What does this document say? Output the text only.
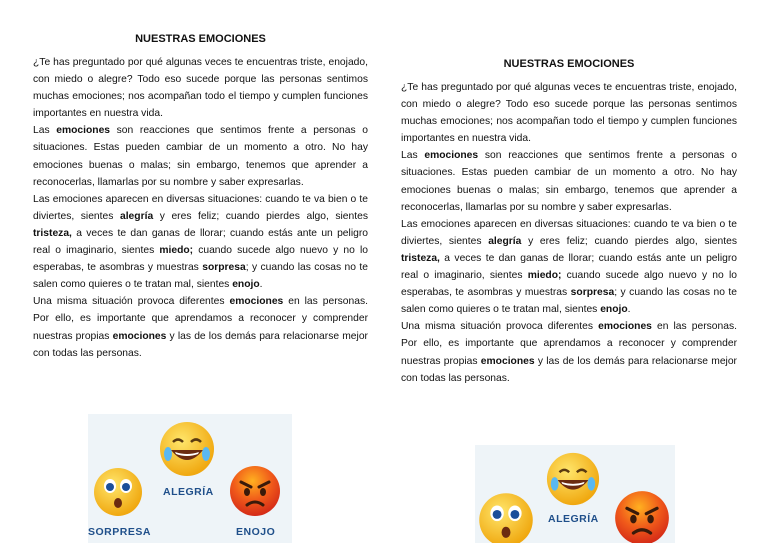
NUESTRAS EMOCIONES

¿Te has preguntado por qué algunas veces te encuentras triste, enojado, con miedo o alegre? Todo eso sucede porque las personas sentimos muchas emociones; nos acompañan todo el tiempo y cumplen funciones importantes en nuestra vida.

Las emociones son reacciones que sentimos frente a personas o situaciones. Estas pueden cambiar de un momento a otro. No hay emociones buenas o malas; sin embargo, tenemos que aprender a reconocerlas, llamarlas por su nombre y saber expresarlas.

Las emociones aparecen en diversas situaciones: cuando te va bien o te diviertes, sientes alegría y eres feliz; cuando pierdes algo, sientes tristeza, a veces te dan ganas de llorar; cuando estás ante un peligro real o imaginario, sientes miedo; cuando sucede algo nuevo y no lo esperabas, te asombras y muestras sorpresa; y cuando las cosas no te salen como quieres o te tratan mal, sientes enojo.

Una misma situación provoca diferentes emociones en las personas. Por ello, es importante que aprendamos a reconocer y comprender nuestras propias emociones y las de los demás para relacionarse mejor con todas las personas.

ALEGRÍA
SORPRESA	ENOJO
NUESTRAS EMOCIONES

¿Te has preguntado por qué algunas veces te encuentras triste, enojado, con miedo o alegre? Todo eso sucede porque las personas sentimos muchas emociones; nos acompañan todo el tiempo y cumplen funciones importantes en nuestra vida.

Las emociones son reacciones que sentimos frente a personas o situaciones. Estas pueden cambiar de un momento a otro. No hay emociones buenas o malas; sin embargo, tenemos que aprender a reconocerlas, llamarlas por su nombre y saber expresarlas.

Las emociones aparecen en diversas situaciones: cuando te va bien o te diviertes, sientes alegría y eres feliz; cuando pierdes algo, sientes tristeza, a veces te dan ganas de llorar; cuando estás ante un peligro real o imaginario, sientes miedo; cuando sucede algo nuevo y no lo esperabas, te asombras y muestras sorpresa; y cuando las cosas no te salen como quieres o te tratan mal, sientes enojo.

Una misma situación provoca diferentes emociones en las personas. Por ello, es importante que aprendamos a reconocer y comprender nuestras propias emociones y las de los demás para relacionarse mejor con todas las personas.

ALEGRÍA
